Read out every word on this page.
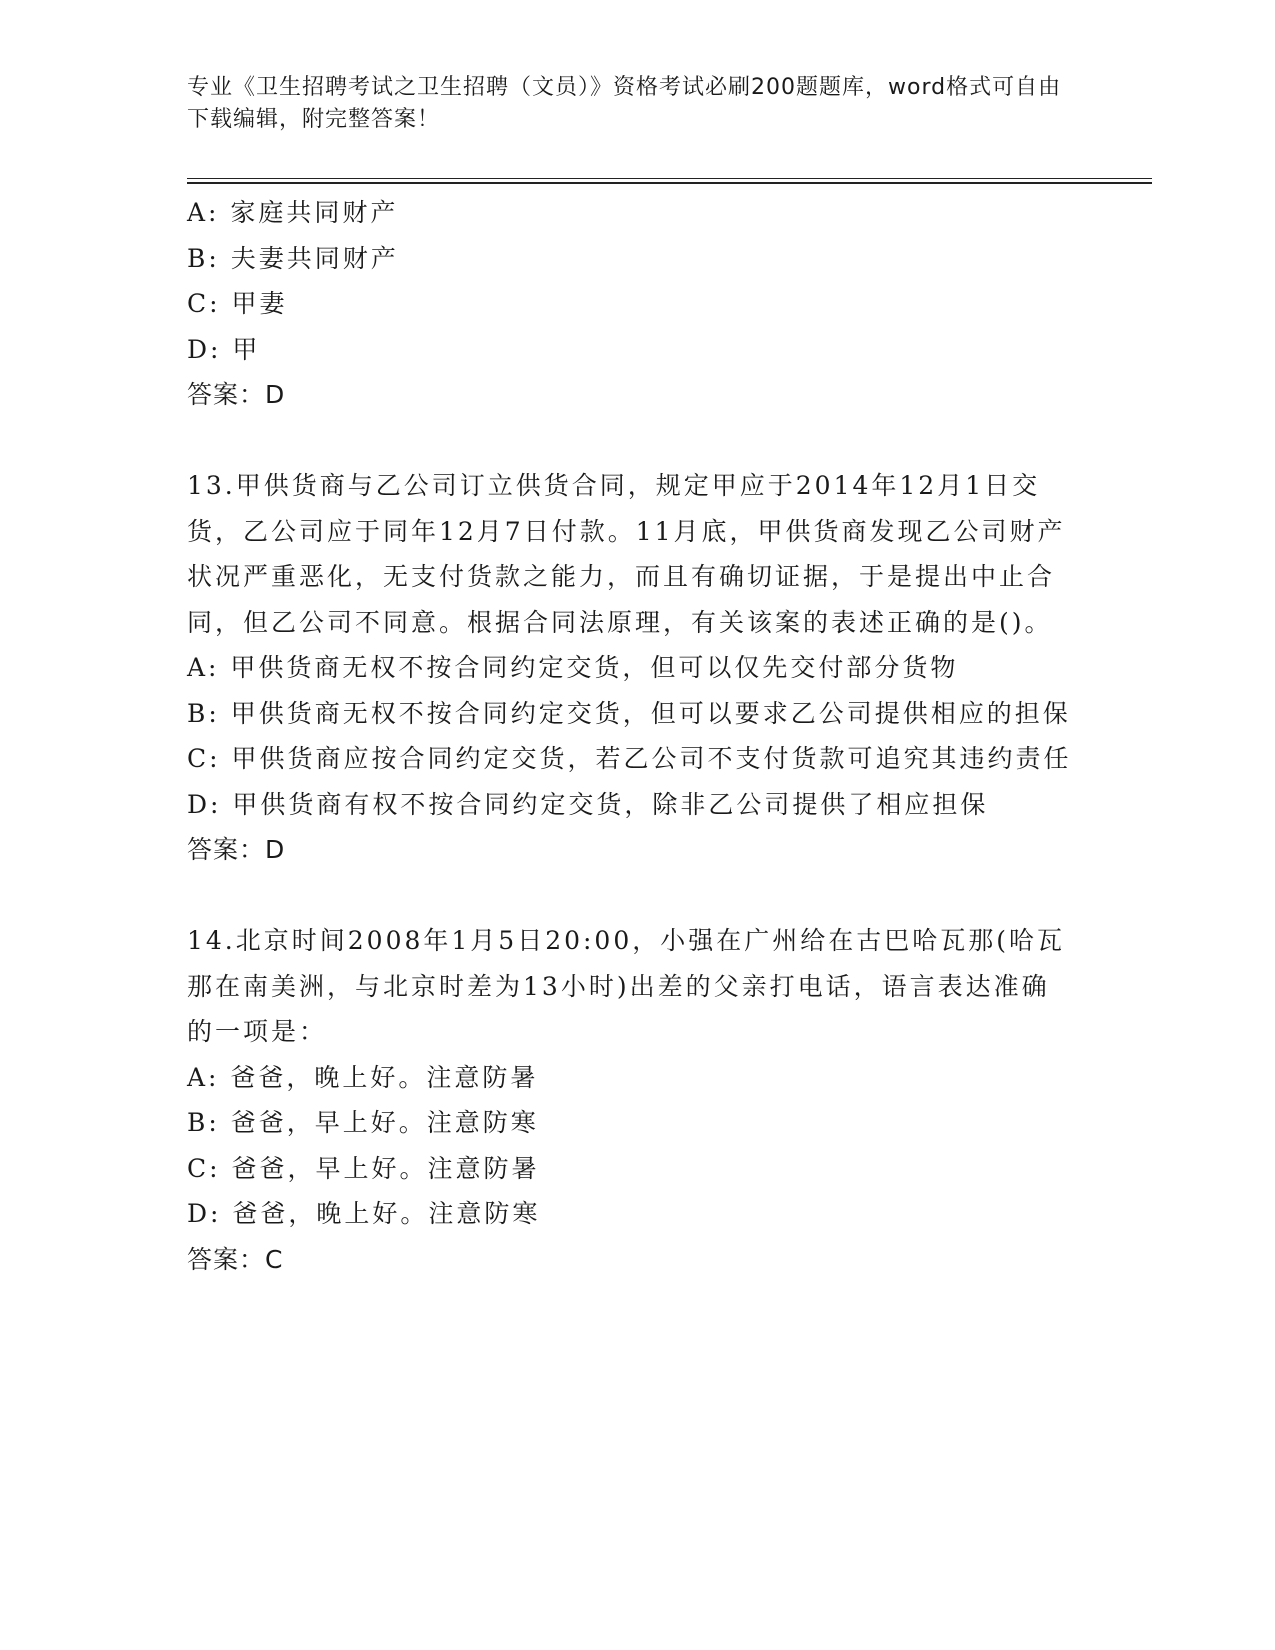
专业《卫生招聘考试之卫生招聘（文员）》资格考试必刷200题题库，word格式可自由下载编辑，附完整答案！

A: 家庭共同财产

B: 夫妻共同财产

C: 甲妻

D: 甲

答案：D

13.甲供货商与乙公司订立供货合同，规定甲应于2014年12月1日交货，乙公司应于同年12月7日付款。11月底，甲供货商发现乙公司财产状况严重恶化，无支付货款之能力，而且有确切证据，于是提出中止合同，但乙公司不同意。根据合同法原理，有关该案的表述正确的是()。

A: 甲供货商无权不按合同约定交货，但可以仅先交付部分货物

B: 甲供货商无权不按合同约定交货，但可以要求乙公司提供相应的担保

C: 甲供货商应按合同约定交货，若乙公司不支付货款可追究其违约责任

D: 甲供货商有权不按合同约定交货，除非乙公司提供了相应担保

答案：D

14.北京时间2008年1月5日20:00，小强在广州给在古巴哈瓦那(哈瓦那在南美洲，与北京时差为13小时)出差的父亲打电话，语言表达准确的一项是：

A: 爸爸，晚上好。注意防暑

B: 爸爸，早上好。注意防寒

C: 爸爸，早上好。注意防暑

D: 爸爸，晚上好。注意防寒

答案：C
